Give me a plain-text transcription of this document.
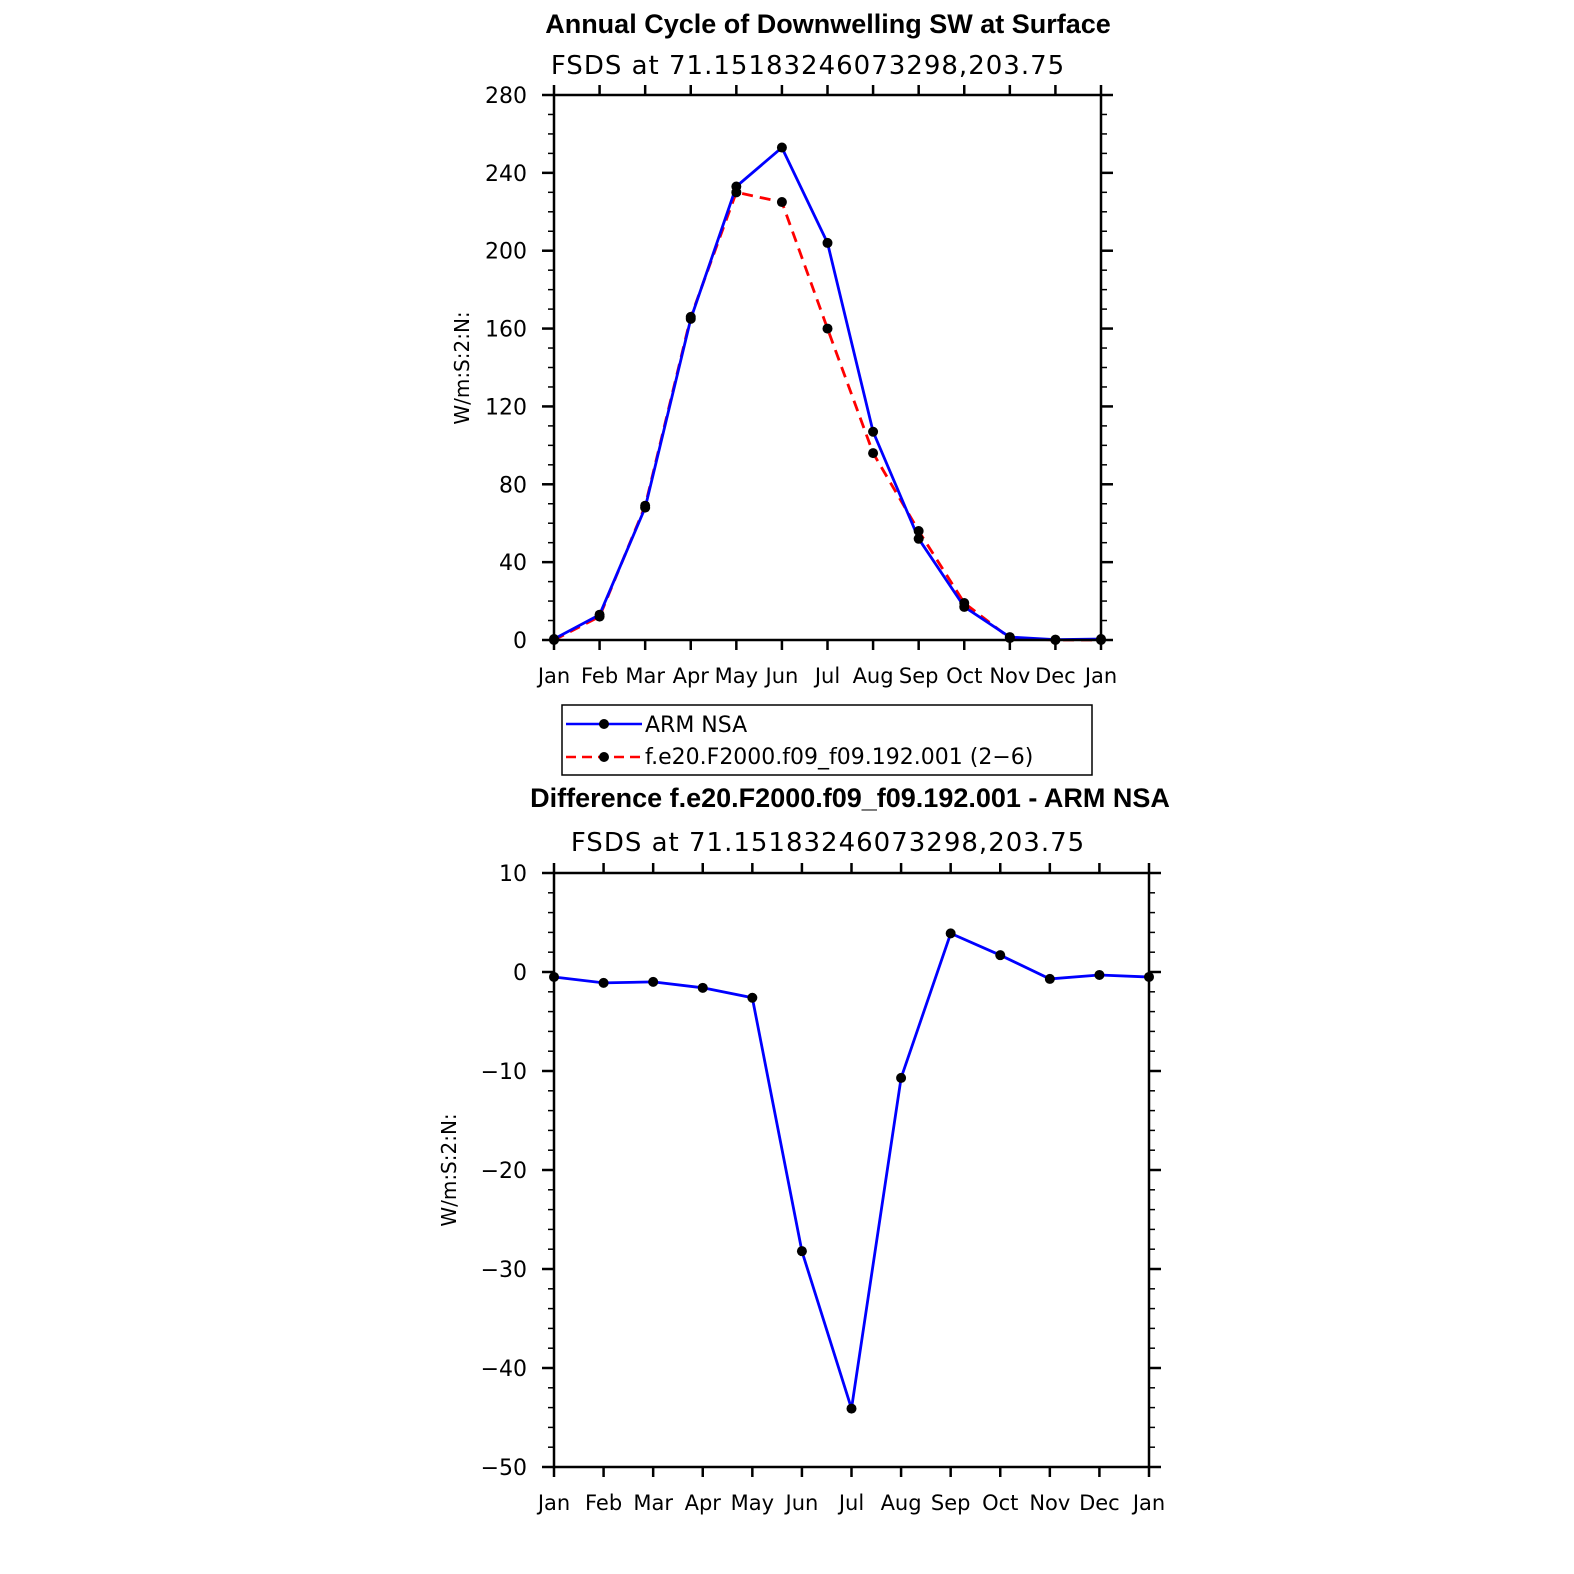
Annual Cycle of Downwelling SW at Surface
FSDS at 71.15183246073298,203.75
0
40
80
120
160
200
240
280
Jan Feb Mar Apr May Jun Jul Aug Sep Oct Nov Dec Jan
W/m:S:2:N:
ARM NSA
f.e20.F2000.f09_f09.192.001 (2−6)
Difference f.e20.F2000.f09_f09.192.001 - ARM NSA
FSDS at 71.15183246073298,203.75
−50
−40
−30
−20
−10
0
10
Jan Feb Mar Apr May Jun Jul Aug Sep Oct Nov Dec Jan
W/m:S:2:N:
